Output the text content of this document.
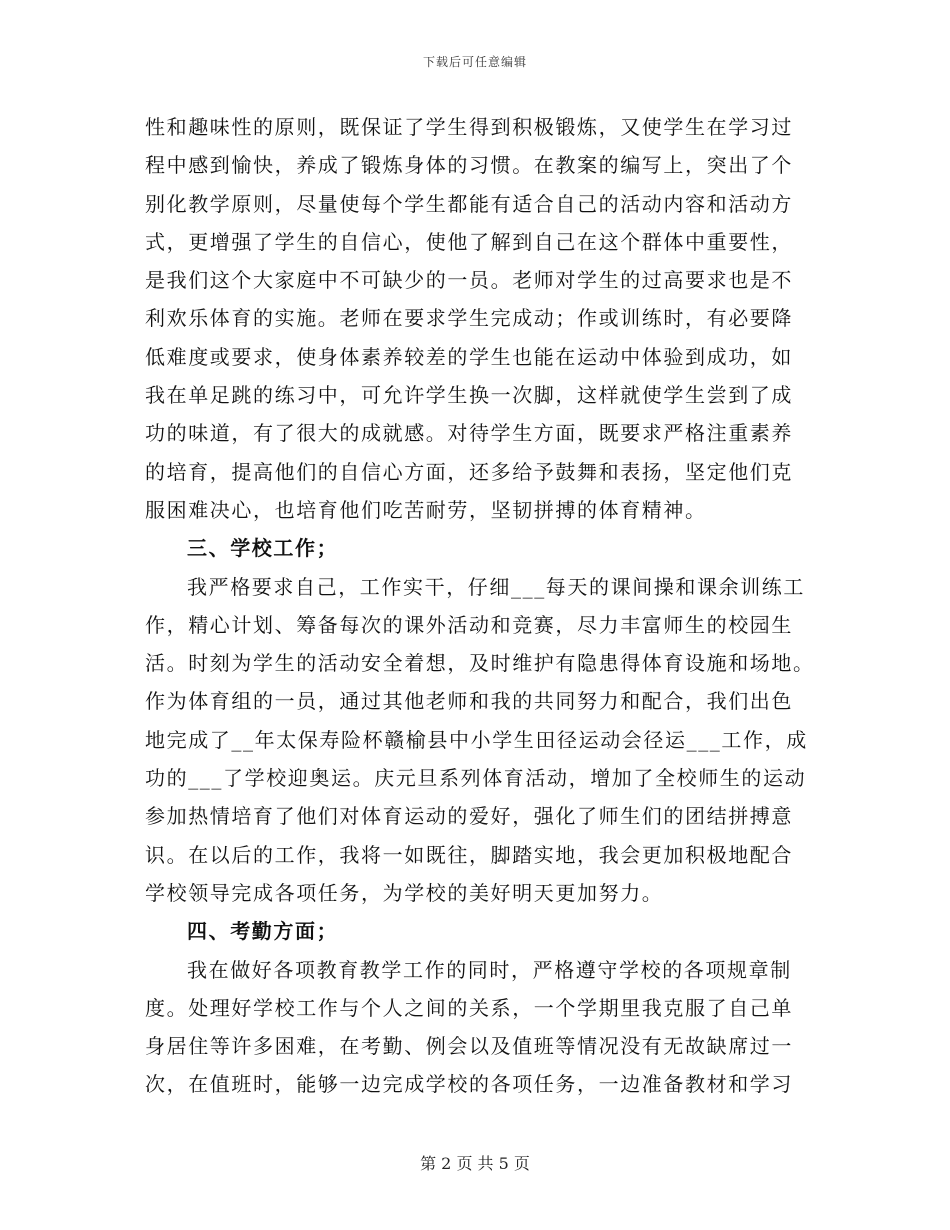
下载后可任意编辑
性和趣味性的原则，既保证了学生得到积极锻炼，又使学生在学习过
程中感到愉快，养成了锻炼身体的习惯。在教案的编写上，突出了个
别化教学原则，尽量使每个学生都能有适合自己的活动内容和活动方
式，更增强了学生的自信心，使他了解到自己在这个群体中重要性，
是我们这个大家庭中不可缺少的一员。老师对学生的过高要求也是不
利欢乐体育的实施。老师在要求学生完成动；作或训练时，有必要降
低难度或要求，使身体素养较差的学生也能在运动中体验到成功，如
我在单足跳的练习中，可允许学生换一次脚，这样就使学生尝到了成
功的味道，有了很大的成就感。对待学生方面，既要求严格注重素养
的培育，提高他们的自信心方面，还多给予鼓舞和表扬，坚定他们克
服困难决心，也培育他们吃苦耐劳，坚韧拼搏的体育精神。
三、学校工作；
我严格要求自己，工作实干，仔细___每天的课间操和课余训练工
作，精心计划、筹备每次的课外活动和竞赛，尽力丰富师生的校园生
活。时刻为学生的活动安全着想，及时维护有隐患得体育设施和场地。
作为体育组的一员，通过其他老师和我的共同努力和配合，我们出色
地完成了__年太保寿险杯赣榆县中小学生田径运动会径运___工作，成
功的___了学校迎奥运。庆元旦系列体育活动，增加了全校师生的运动
参加热情培育了他们对体育运动的爱好，强化了师生们的团结拼搏意
识。在以后的工作，我将一如既往，脚踏实地，我会更加积极地配合
学校领导完成各项任务，为学校的美好明天更加努力。
四、考勤方面；
我在做好各项教育教学工作的同时，严格遵守学校的各项规章制
度。处理好学校工作与个人之间的关系，一个学期里我克服了自己单
身居住等许多困难，在考勤、例会以及值班等情况没有无故缺席过一
次，在值班时，能够一边完成学校的各项任务，一边准备教材和学习
第 2 页 共 5 页
